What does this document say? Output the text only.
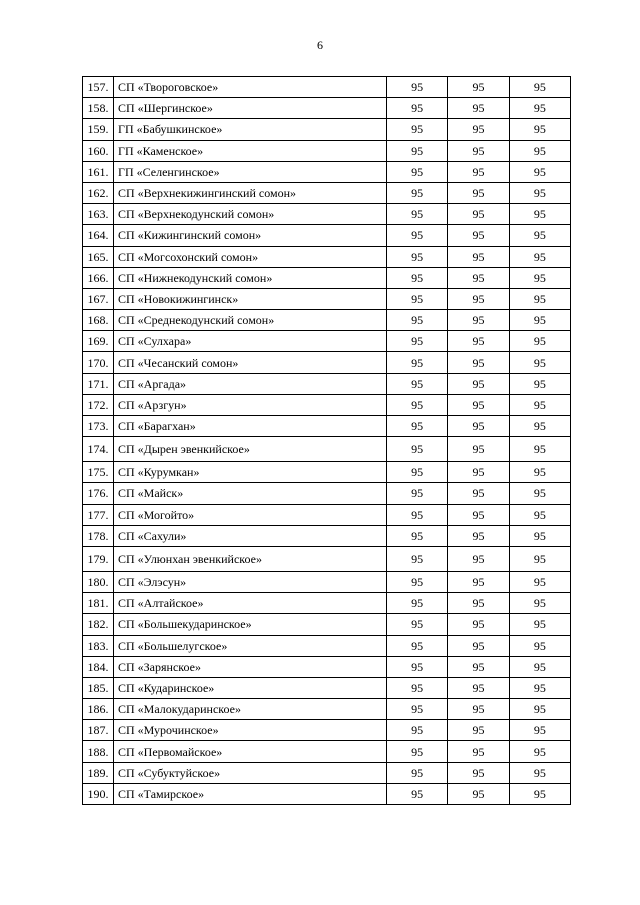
6
157.	СП «Твороговское»	95	95	95
158.	СП «Шергинское»	95	95	95
159.	ГП «Бабушкинское»	95	95	95
160.	ГП «Каменское»	95	95	95
161.	ГП «Селенгинское»	95	95	95
162.	СП «Верхнекижингинский сомон»	95	95	95
163.	СП «Верхнекодунский сомон»	95	95	95
164.	СП «Кижингинский сомон»	95	95	95
165.	СП «Могсохонский сомон»	95	95	95
166.	СП «Нижнекодунский сомон»	95	95	95
167.	СП «Новокижингинск»	95	95	95
168.	СП «Среднекодунский сомон»	95	95	95
169.	СП «Сулхара»	95	95	95
170.	СП «Чесанский сомон»	95	95	95
171.	СП «Аргада»	95	95	95
172.	СП «Арзгун»	95	95	95
173.	СП «Барагхан»	95	95	95
174.	СП «Дырен эвенкийское»	95	95	95
175.	СП «Курумкан»	95	95	95
176.	СП «Майск»	95	95	95
177.	СП «Могойто»	95	95	95
178.	СП «Сахули»	95	95	95
179.	СП «Улюнхан эвенкийское»	95	95	95
180.	СП «Элэсун»	95	95	95
181.	СП «Алтайское»	95	95	95
182.	СП «Большекударинское»	95	95	95
183.	СП «Большелугское»	95	95	95
184.	СП «Зарянское»	95	95	95
185.	СП «Кударинское»	95	95	95
186.	СП «Малокударинское»	95	95	95
187.	СП «Мурочинское»	95	95	95
188.	СП «Первомайское»	95	95	95
189.	СП «Субуктуйское»	95	95	95
190.	СП «Тамирское»	95	95	95
